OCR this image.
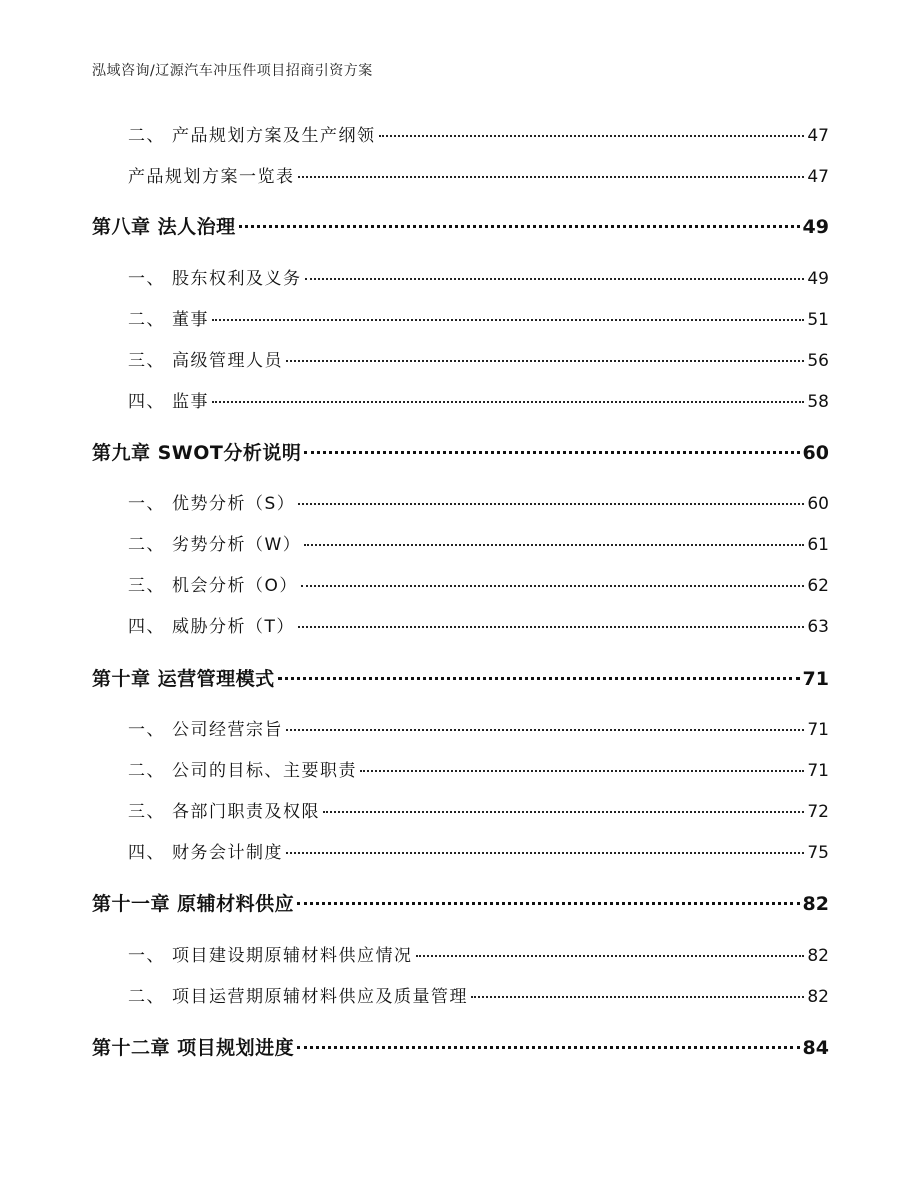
泓域咨询/辽源汽车冲压件项目招商引资方案
二、 产品规划方案及生产纲领	47
产品规划方案一览表	47
第八章 法人治理	49
一、 股东权利及义务	49
二、 董事	51
三、 高级管理人员	56
四、 监事	58
第九章 SWOT分析说明	60
一、 优势分析（S）	60
二、 劣势分析（W）	61
三、 机会分析（O）	62
四、 威胁分析（T）	63
第十章 运营管理模式	71
一、 公司经营宗旨	71
二、 公司的目标、主要职责	71
三、 各部门职责及权限	72
四、 财务会计制度	75
第十一章 原辅材料供应	82
一、 项目建设期原辅材料供应情况	82
二、 项目运营期原辅材料供应及质量管理	82
第十二章 项目规划进度	84
